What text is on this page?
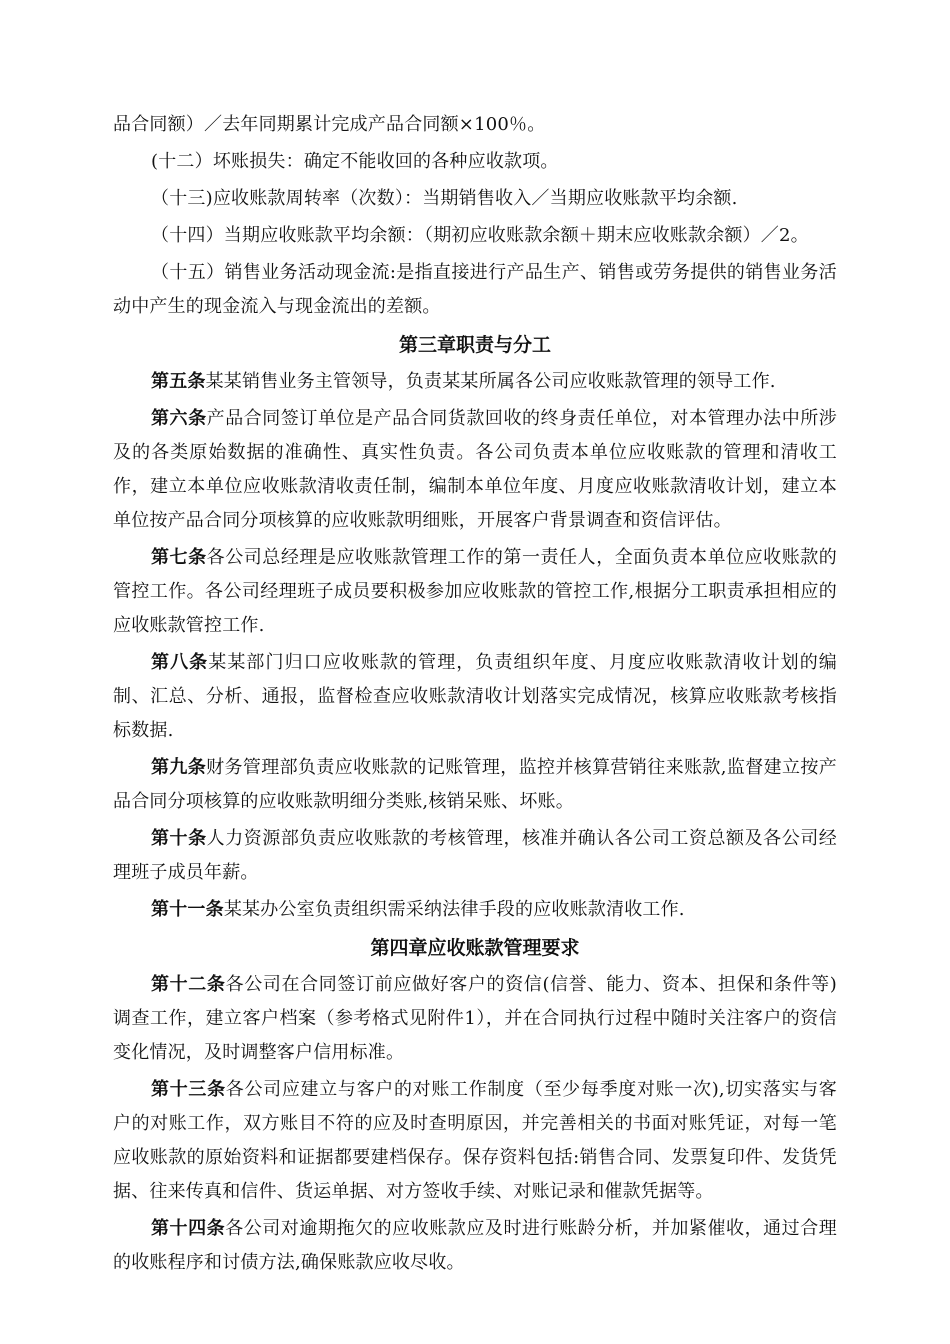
品合同额）／去年同期累计完成产品合同额×100％。

(十二）坏账损失：确定不能收回的各种应收款项。

（十三)应收账款周转率（次数）：当期销售收入／当期应收账款平均余额.

（十四）当期应收账款平均余额：（期初应收账款余额＋期末应收账款余额）／2。

（十五）销售业务活动现金流:是指直接进行产品生产、销售或劳务提供的销售业务活动中产生的现金流入与现金流出的差额。

第三章职责与分工

第五条某某销售业务主管领导，负责某某所属各公司应收账款管理的领导工作.

第六条产品合同签订单位是产品合同货款回收的终身责任单位，对本管理办法中所涉及的各类原始数据的准确性、真实性负责。各公司负责本单位应收账款的管理和清收工作，建立本单位应收账款清收责任制，编制本单位年度、月度应收账款清收计划，建立本单位按产品合同分项核算的应收账款明细账，开展客户背景调查和资信评估。

第七条各公司总经理是应收账款管理工作的第一责任人，全面负责本单位应收账款的管控工作。各公司经理班子成员要积极参加应收账款的管控工作,根据分工职责承担相应的应收账款管控工作.

第八条某某部门归口应收账款的管理，负责组织年度、月度应收账款清收计划的编制、汇总、分析、通报，监督检查应收账款清收计划落实完成情况，核算应收账款考核指标数据.

第九条财务管理部负责应收账款的记账管理，监控并核算营销往来账款,监督建立按产品合同分项核算的应收账款明细分类账,核销呆账、坏账。

第十条人力资源部负责应收账款的考核管理，核准并确认各公司工资总额及各公司经理班子成员年薪。

第十一条某某办公室负责组织需采纳法律手段的应收账款清收工作.

第四章应收账款管理要求

第十二条各公司在合同签订前应做好客户的资信(信誉、能力、资本、担保和条件等)调查工作，建立客户档案（参考格式见附件1），并在合同执行过程中随时关注客户的资信变化情况，及时调整客户信用标准。

第十三条各公司应建立与客户的对账工作制度（至少每季度对账一次),切实落实与客户的对账工作，双方账目不符的应及时查明原因，并完善相关的书面对账凭证，对每一笔应收账款的原始资料和证据都要建档保存。保存资料包括:销售合同、发票复印件、发货凭据、往来传真和信件、货运单据、对方签收手续、对账记录和催款凭据等。

第十四条各公司对逾期拖欠的应收账款应及时进行账龄分析，并加紧催收，通过合理的收账程序和讨债方法,确保账款应收尽收。
